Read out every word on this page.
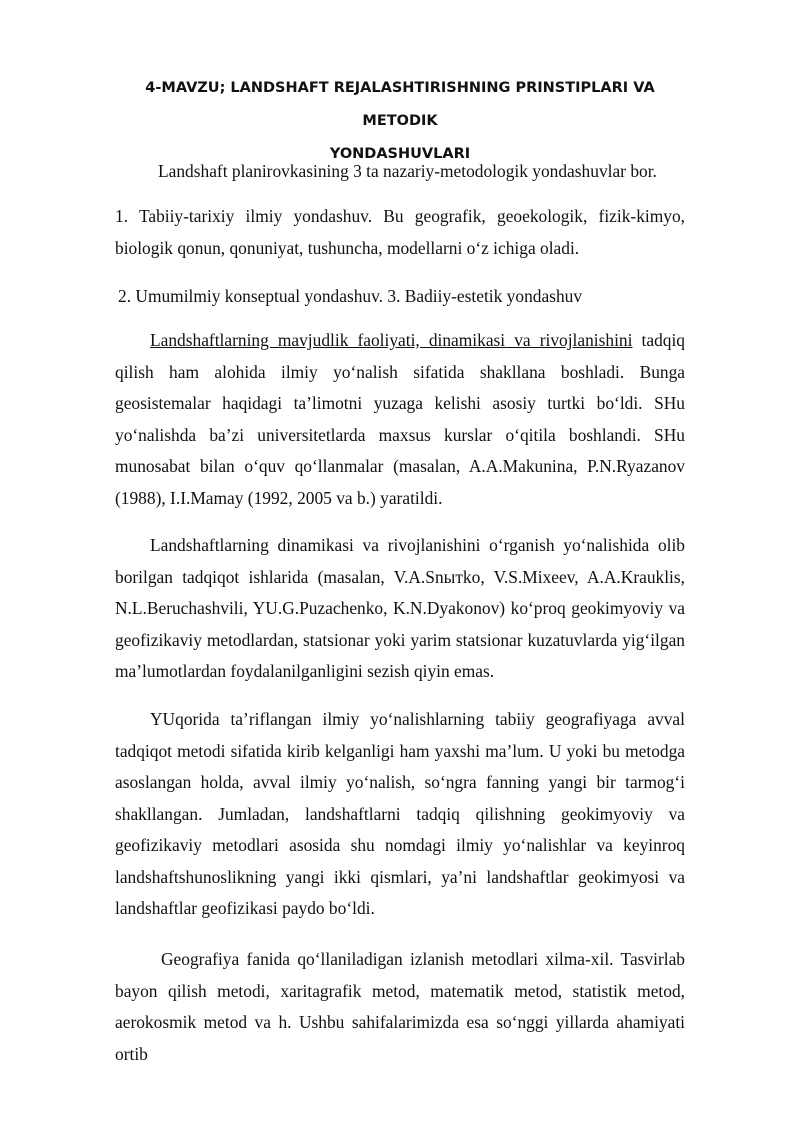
4-MAVZU; LANDSHAFT REJALASHTIRISHNING PRINSTIPLARI VA METODIK
YONDASHUVLARI

Landshaft planirovkasining 3 ta nazariy-metodologik yondashuvlar bor.

1. Tabiiy-tarixiy ilmiy yondashuv. Bu geografik, geoekologik, fizik-kimyo, biologik qonun, qonuniyat, tushuncha, modellarni o‘z ichiga oladi.

2. Umumilmiy konseptual yondashuv. 3. Badiiy-estetik yondashuv

Landshaftlarning mavjudlik faoliyati, dinamikasi va rivojlanishini tadqiq qilish ham alohida ilmiy yo‘nalish sifatida shakllana boshladi. Bunga geosistemalar haqidagi ta’limotni yuzaga kelishi asosiy turtki bo‘ldi. SHu yo‘nalishda ba’zi universitetlarda maxsus kurslar o‘qitila boshlandi. SHu munosabat bilan o‘quv qo‘llanmalar (masalan, A.A.Makunina, P.N.Ryazanov (1988), I.I.Mamay (1992, 2005 va b.) yaratildi.

Landshaftlarning dinamikasi va rivojlanishini o‘rganish yo‘nalishida olib borilgan tadqiqot ishlarida (masalan, V.A.Snытko, V.S.Mixeev, A.A.Krauklis, N.L.Beruchashvili, YU.G.Puzachenko, K.N.Dyakonov) ko‘proq geokimyoviy va geofizikaviy metodlardan, statsionar yoki yarim statsionar kuzatuvlarda yig‘ilgan ma’lumotlardan foydalanilganligini sezish qiyin emas.

YUqorida ta’riflangan ilmiy yo‘nalishlarning tabiiy geografiyaga avval tadqiqot metodi sifatida kirib kelganligi ham yaxshi ma’lum. U yoki bu metodga asoslangan holda, avval ilmiy yo‘nalish, so‘ngra fanning yangi bir tarmog‘i shakllangan. Jumladan, landshaftlarni tadqiq qilishning geokimyoviy va geofizikaviy metodlari asosida shu nomdagi ilmiy yo‘nalishlar va keyinroq landshaftshunoslikning yangi ikki qismlari, ya’ni landshaftlar geokimyosi va landshaftlar geofizikasi paydo bo‘ldi.

Geografiya fanida qo‘llaniladigan izlanish metodlari xilma-xil. Tasvirlab bayon qilish metodi, xaritagrafik metod, matematik metod, statistik metod, aerokosmik metod va h. Ushbu sahifalarimizda esa so‘nggi yillarda ahamiyati ortib
